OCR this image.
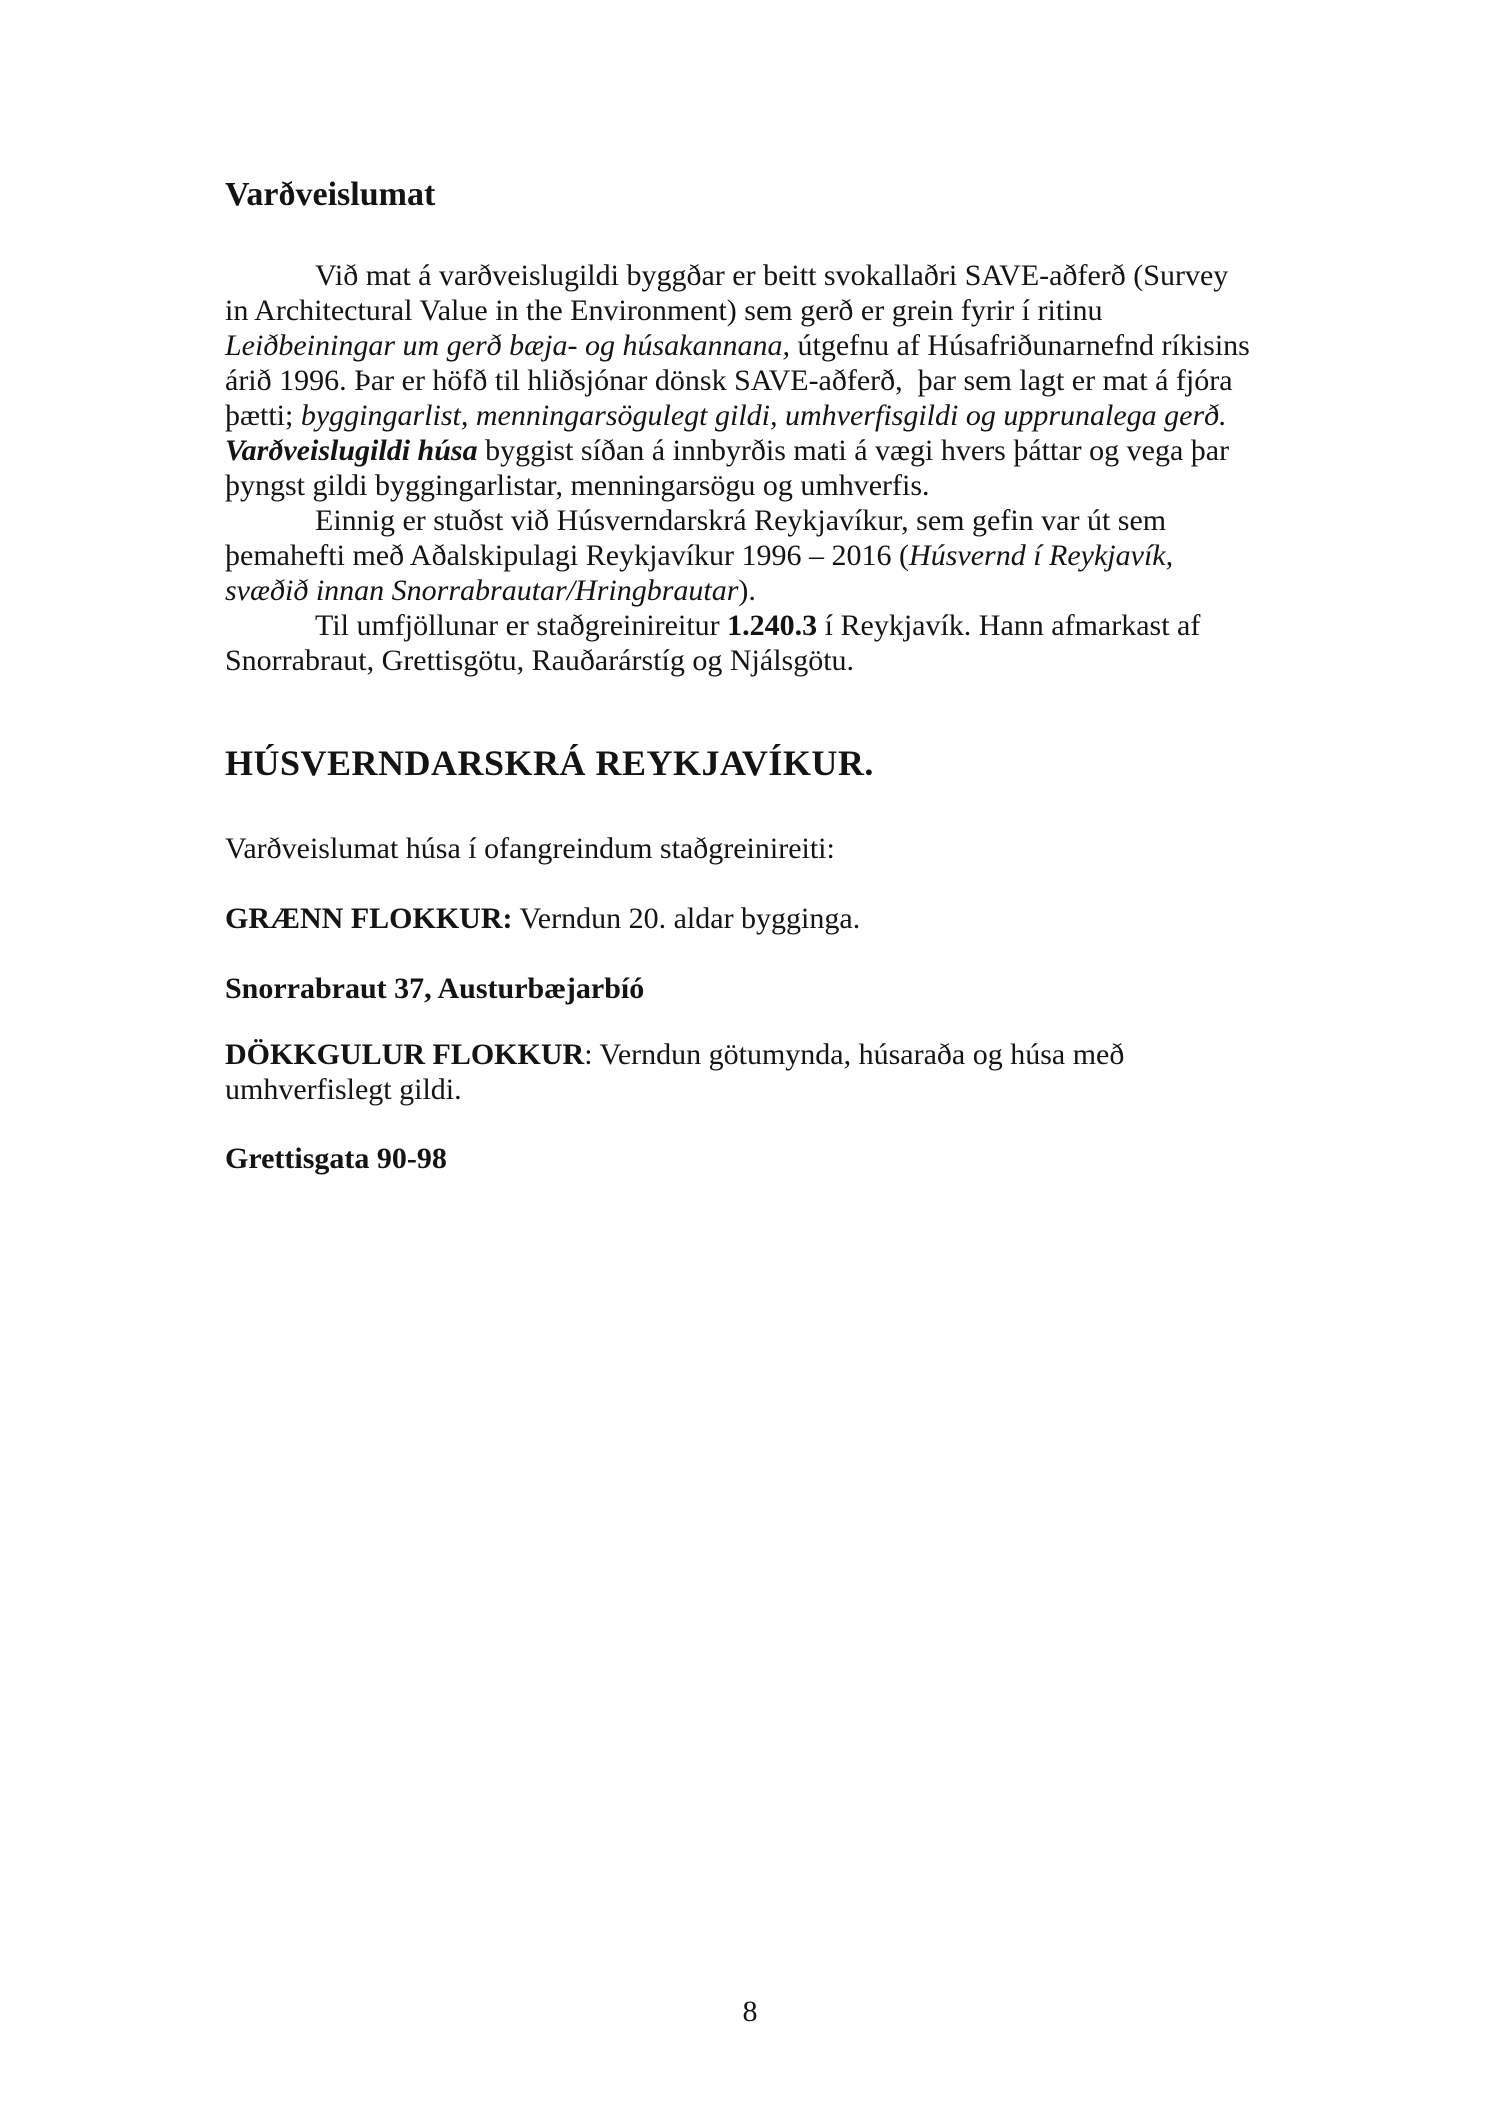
Varðveislumat
Við mat á varðveislugildi byggðar er beitt svokallaðri SAVE-aðferð (Survey
in Architectural Value in the Environment) sem gerð er grein fyrir í ritinu
Leiðbeiningar um gerð bæja- og húsakannana, útgefnu af Húsafriðunarnefnd ríkisins
árið 1996. Þar er höfð til hliðsjónar dönsk SAVE-aðferð,  þar sem lagt er mat á fjóra
þætti; byggingarlist, menningarsögulegt gildi, umhverfisgildi og upprunalega gerð.
Varðveislugildi húsa byggist síðan á innbyrðis mati á vægi hvers þáttar og vega þar
þyngst gildi byggingarlistar, menningarsögu og umhverfis.
Einnig er stuðst við Húsverndarskrá Reykjavíkur, sem gefin var út sem
þemahefti með Aðalskipulagi Reykjavíkur 1996 – 2016 (Húsvernd í Reykjavík,
svæðið innan Snorrabrautar/Hringbrautar).
Til umfjöllunar er staðgreinireitur 1.240.3 í Reykjavík. Hann afmarkast af
Snorrabraut, Grettisgötu, Rauðarárstíg og Njálsgötu.
HÚSVERNDARSKRÁ REYKJAVÍKUR.
Varðveislumat húsa í ofangreindum staðgreinireiti:
GRÆNN FLOKKUR: Verndun 20. aldar bygginga.
Snorrabraut 37, Austurbæjarbíó
DÖKKGULUR FLOKKUR: Verndun götumynda, húsaraða og húsa með
umhverfislegt gildi.
Grettisgata 90-98
8
